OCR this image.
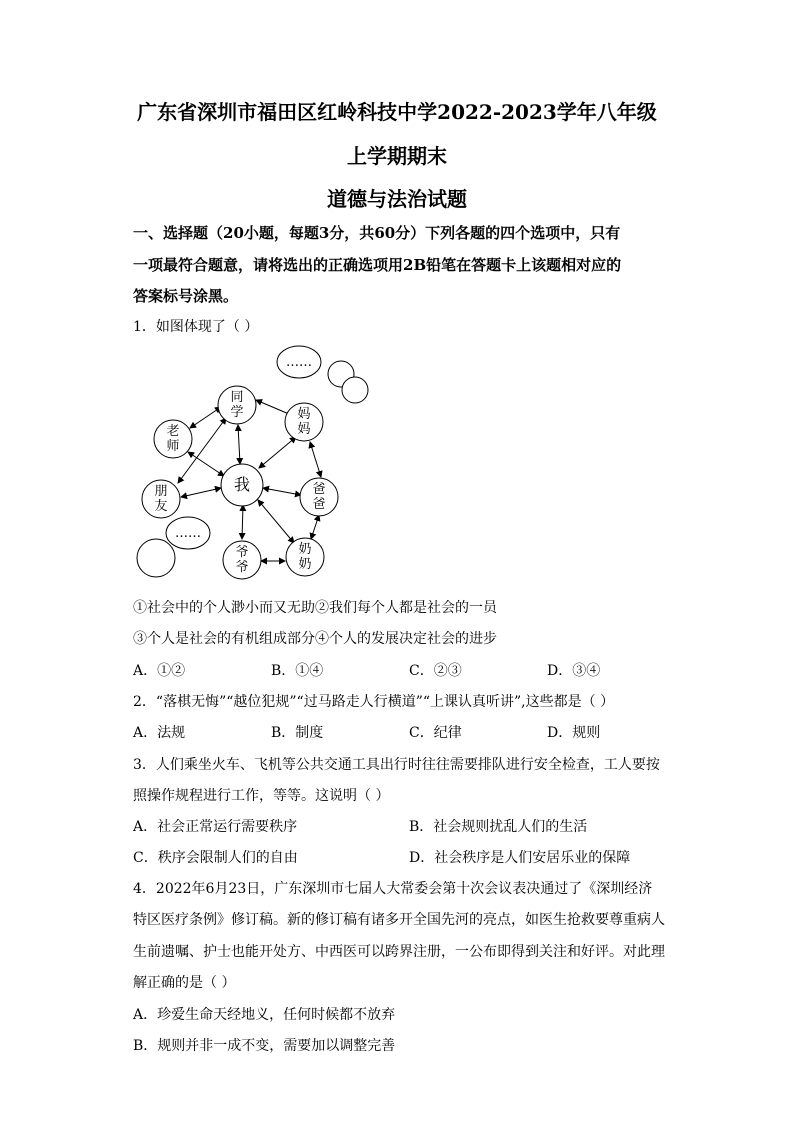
广东省深圳市福田区红岭科技中学2022-2023学年八年级
上学期期末
道德与法治试题
一、选择题（20小题，每题3分，共60分）下列各题的四个选项中，只有
一项最符合题意，请将选出的正确选项用2B铅笔在答题卡上该题相对应的
答案标号涂黑。
1．如图体现了（ ）
……
……
我
同
学
老
师
朋
友
妈
妈
爸
爸
爷
爷
奶
奶
①社会中的个人渺小而又无助②我们每个人都是社会的一员
③个人是社会的有机组成部分④个人的发展决定社会的进步
A．①②	B．①④	C．②③	D．③④
2．“落棋无悔”“越位犯规”“过马路走人行横道”“上课认真听讲”,这些都是（ ）
A．法规	B．制度	C．纪律	D．规则
3．人们乘坐火车、飞机等公共交通工具出行时往往需要排队进行安全检查，工人要按
照操作规程进行工作，等等。这说明（ ）
A．社会正常运行需要秩序	B．社会规则扰乱人们的生活
C．秩序会限制人们的自由	D．社会秩序是人们安居乐业的保障
4．2022年6月23日，广东深圳市七届人大常委会第十次会议表决通过了《深圳经济
特区医疗条例》修订稿。新的修订稿有诸多开全国先河的亮点，如医生抢救要尊重病人
生前遗嘱、护士也能开处方、中西医可以跨界注册，一公布即得到关注和好评。对此理
解正确的是（ ）
A．珍爱生命天经地义，任何时候都不放弃
B．规则并非一成不变，需要加以调整完善
